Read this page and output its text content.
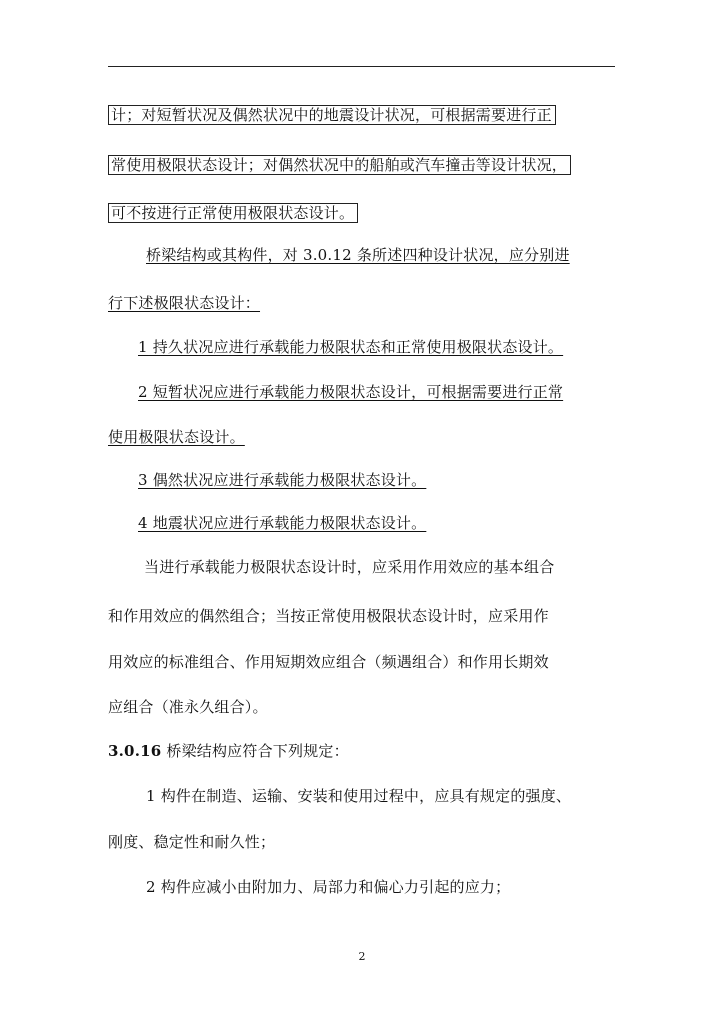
计；对短暂状况及偶然状况中的地震设计状况，可根据需要进行正
常使用极限状态设计；对偶然状况中的船舶或汽车撞击等设计状况，
可不按进行正常使用极限状态设计。
桥梁结构或其构件，对 3.0.12 条所述四种设计状况，应分别进
行下述极限状态设计：
1 持久状况应进行承载能力极限状态和正常使用极限状态设计。
2 短暂状况应进行承载能力极限状态设计，可根据需要进行正常
使用极限状态设计。
3 偶然状况应进行承载能力极限状态设计。
4 地震状况应进行承载能力极限状态设计。
当进行承载能力极限状态设计时，应采用作用效应的基本组合
和作用效应的偶然组合；当按正常使用极限状态设计时，应采用作
用效应的标准组合、作用短期效应组合（频遇组合）和作用长期效
应组合（准永久组合）。
3.0.16 桥梁结构应符合下列规定：
1 构件在制造、运输、安装和使用过程中，应具有规定的强度、
刚度、稳定性和耐久性；
2 构件应减小由附加力、局部力和偏心力引起的应力；
2
